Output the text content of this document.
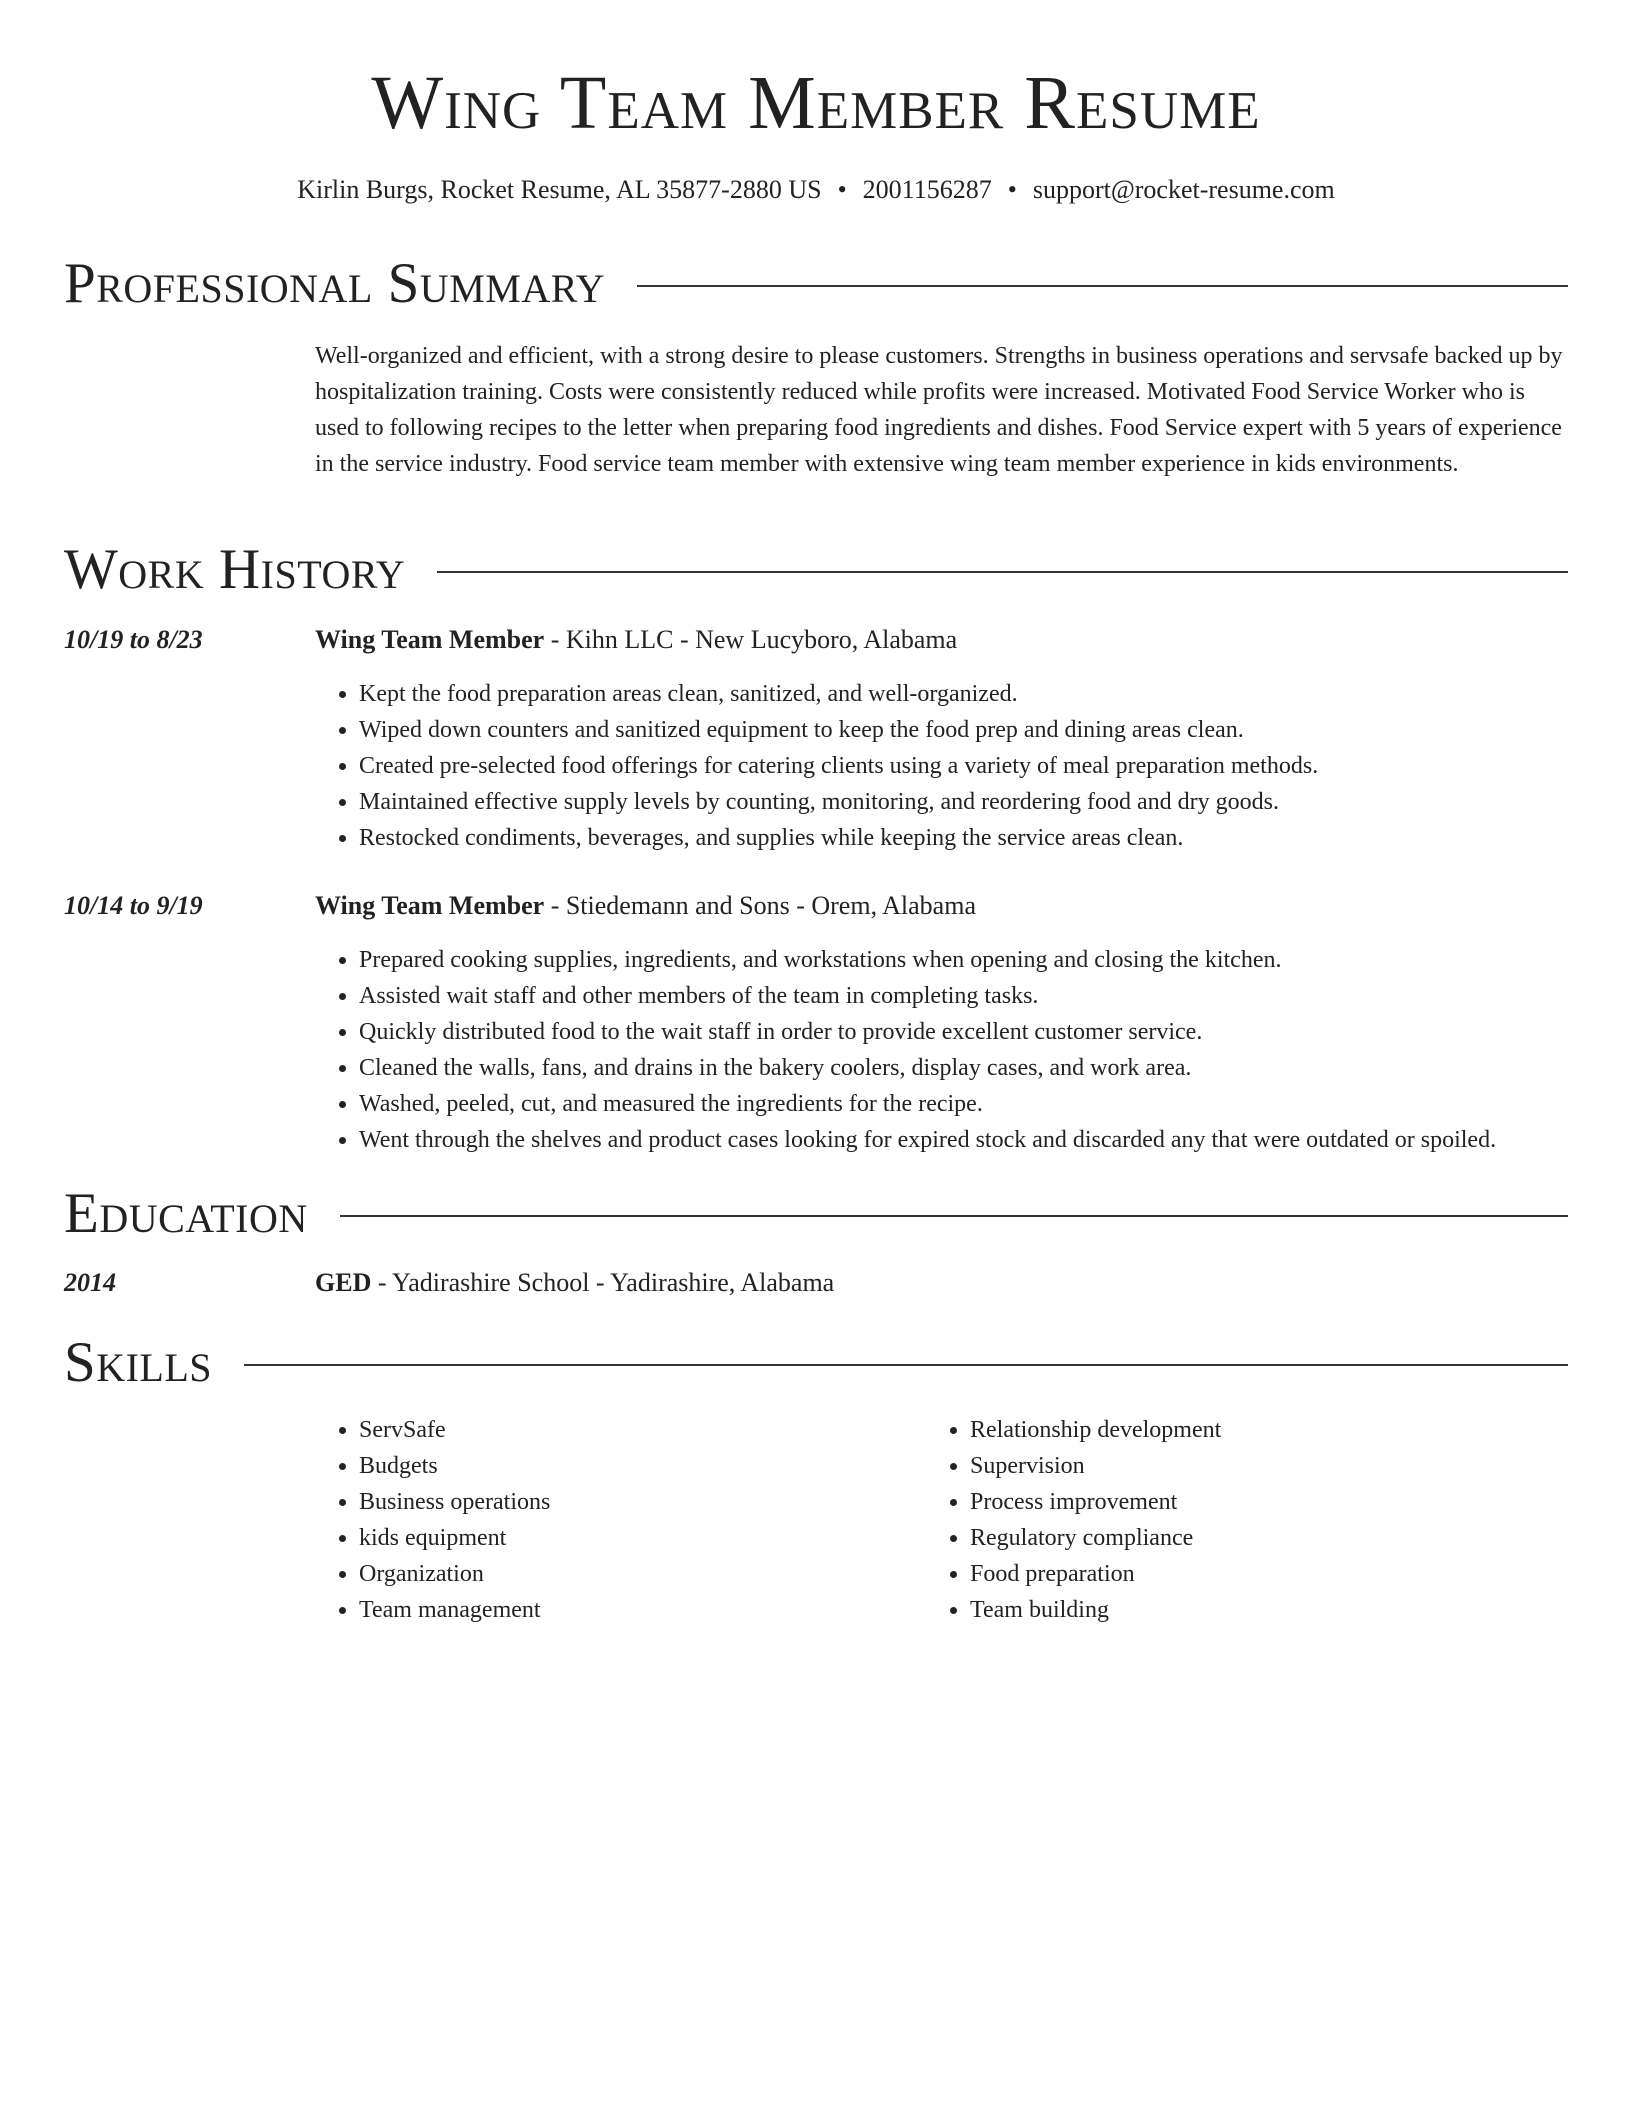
Wing Team Member Resume
Kirlin Burgs, Rocket Resume, AL 35877-2880 US • 2001156287 • support@rocket-resume.com
Professional Summary

Well-organized and efficient, with a strong desire to please customers. Strengths in business operations and servsafe backed up by hospitalization training. Costs were consistently reduced while profits were increased. Motivated Food Service Worker who is used to following recipes to the letter when preparing food ingredients and dishes. Food Service expert with 5 years of experience in the service industry. Food service team member with extensive wing team member experience in kids environments.

Work History
10/19 to 8/23	Wing Team Member - Kihn LLC - New Lucyboro, Alabama
• Kept the food preparation areas clean, sanitized, and well-organized.
• Wiped down counters and sanitized equipment to keep the food prep and dining areas clean.
• Created pre-selected food offerings for catering clients using a variety of meal preparation methods.
• Maintained effective supply levels by counting, monitoring, and reordering food and dry goods.
• Restocked condiments, beverages, and supplies while keeping the service areas clean.
10/14 to 9/19	Wing Team Member - Stiedemann and Sons - Orem, Alabama
• Prepared cooking supplies, ingredients, and workstations when opening and closing the kitchen.
• Assisted wait staff and other members of the team in completing tasks.
• Quickly distributed food to the wait staff in order to provide excellent customer service.
• Cleaned the walls, fans, and drains in the bakery coolers, display cases, and work area.
• Washed, peeled, cut, and measured the ingredients for the recipe.
• Went through the shelves and product cases looking for expired stock and discarded any that were outdated or spoiled.
Education
2014	GED - Yadirashire School - Yadirashire, Alabama
Skills
• ServSafe
• Budgets
• Business operations
• kids equipment
• Organization
• Team management
• Relationship development
• Supervision
• Process improvement
• Regulatory compliance
• Food preparation
• Team building
